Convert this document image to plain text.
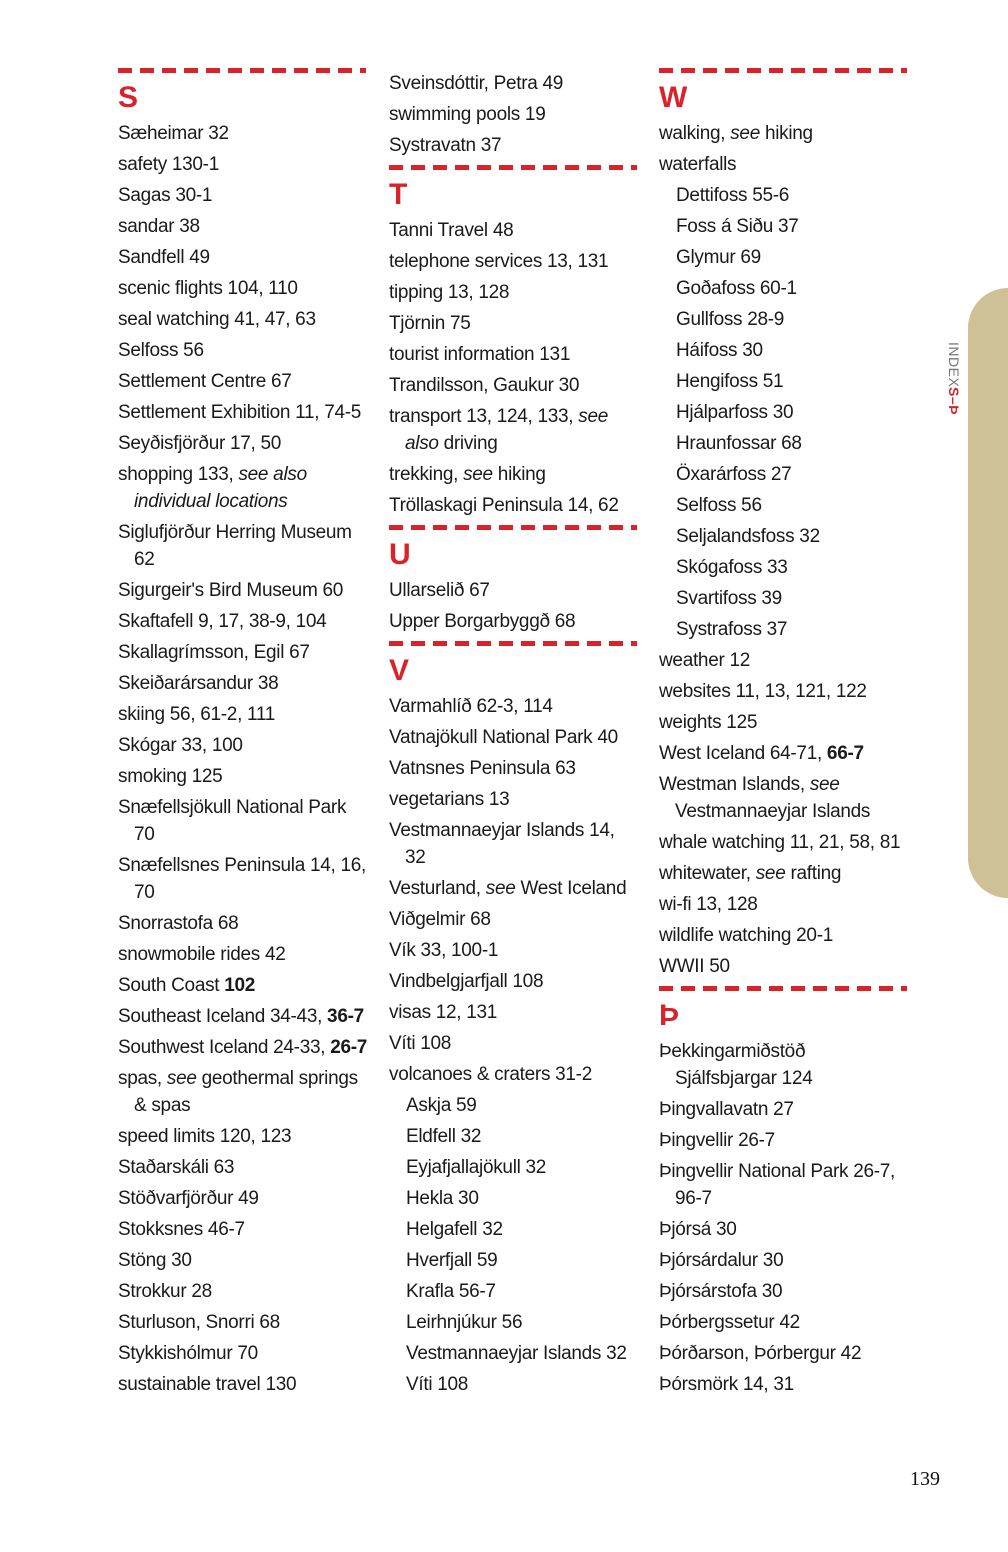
S
Sæheimar 32
safety 130-1
Sagas 30-1
sandar 38
Sandfell 49
scenic flights 104, 110
seal watching 41, 47, 63
Selfoss 56
Settlement Centre 67
Settlement Exhibition 11, 74-5
Seyðisfjörður 17, 50
shopping 133, see also individual locations
Siglufjörður Herring Museum 62
Sigurgeir's Bird Museum 60
Skaftafell 9, 17, 38-9, 104
Skallagrímsson, Egil 67
Skeiðarársandur 38
skiing 56, 61-2, 111
Skógar 33, 100
smoking 125
Snæfellsjökull National Park 70
Snæfellsnes Peninsula 14, 16, 70
Snorrastofa 68
snowmobile rides 42
South Coast 102
Southeast Iceland 34-43, 36-7
Southwest Iceland 24-33, 26-7
spas, see geothermal springs & spas
speed limits 120, 123
Staðarskáli 63
Stöðvarfjörður 49
Stokksnes 46-7
Stöng 30
Strokkur 28
Sturluson, Snorri 68
Stykkishólmur 70
sustainable travel 130
Sveinsdóttir, Petra 49
swimming pools 19
Systravatn 37
T
Tanni Travel 48
telephone services 13, 131
tipping 13, 128
Tjörnin 75
tourist information 131
Trandilsson, Gaukur 30
transport 13, 124, 133, see also driving
trekking, see hiking
Tröllaskagi Peninsula 14, 62
U
Ullarselið 67
Upper Borgarbyggð 68
V
Varmahlíð 62-3, 114
Vatnajökull National Park 40
Vatnsnes Peninsula 63
vegetarians 13
Vestmannaeyjar Islands 14, 32
Vesturland, see West Iceland
Viðgelmir 68
Vík 33, 100-1
Vindbelgjarfjall 108
visas 12, 131
Víti 108
volcanoes & craters 31-2
Askja 59
Eldfell 32
Eyjafjallajökull 32
Hekla 30
Helgafell 32
Hverfjall 59
Krafla 56-7
Leirhnjúkur 56
Vestmannaeyjar Islands 32
Víti 108
W
walking, see hiking
waterfalls
Dettifoss 55-6
Foss á Siðu 37
Glymur 69
Goðafoss 60-1
Gullfoss 28-9
Háifoss 30
Hengifoss 51
Hjálparfoss 30
Hraunfossar 68
Öxarárfoss 27
Selfoss 56
Seljalandsfoss 32
Skógafoss 33
Svartifoss 39
Systrafoss 37
weather 12
websites 11, 13, 121, 122
weights 125
West Iceland 64-71, 66-7
Westman Islands, see Vestmannaeyjar Islands
whale watching 11, 21, 58, 81
whitewater, see rafting
wi-fi 13, 128
wildlife watching 20-1
WWII 50
Þ
Þekkingarmiðstöð Sjálfsbjargar 124
Þingvallavatn 27
Þingvellir 26-7
Þingvellir National Park 26-7, 96-7
Þjórsá 30
Þjórsárdalur 30
Þjórsárstofa 30
Þórbergssetur 42
Þórðarson, Þórbergur 42
Þórsmörk 14, 31
INDEXS–Þ
139
